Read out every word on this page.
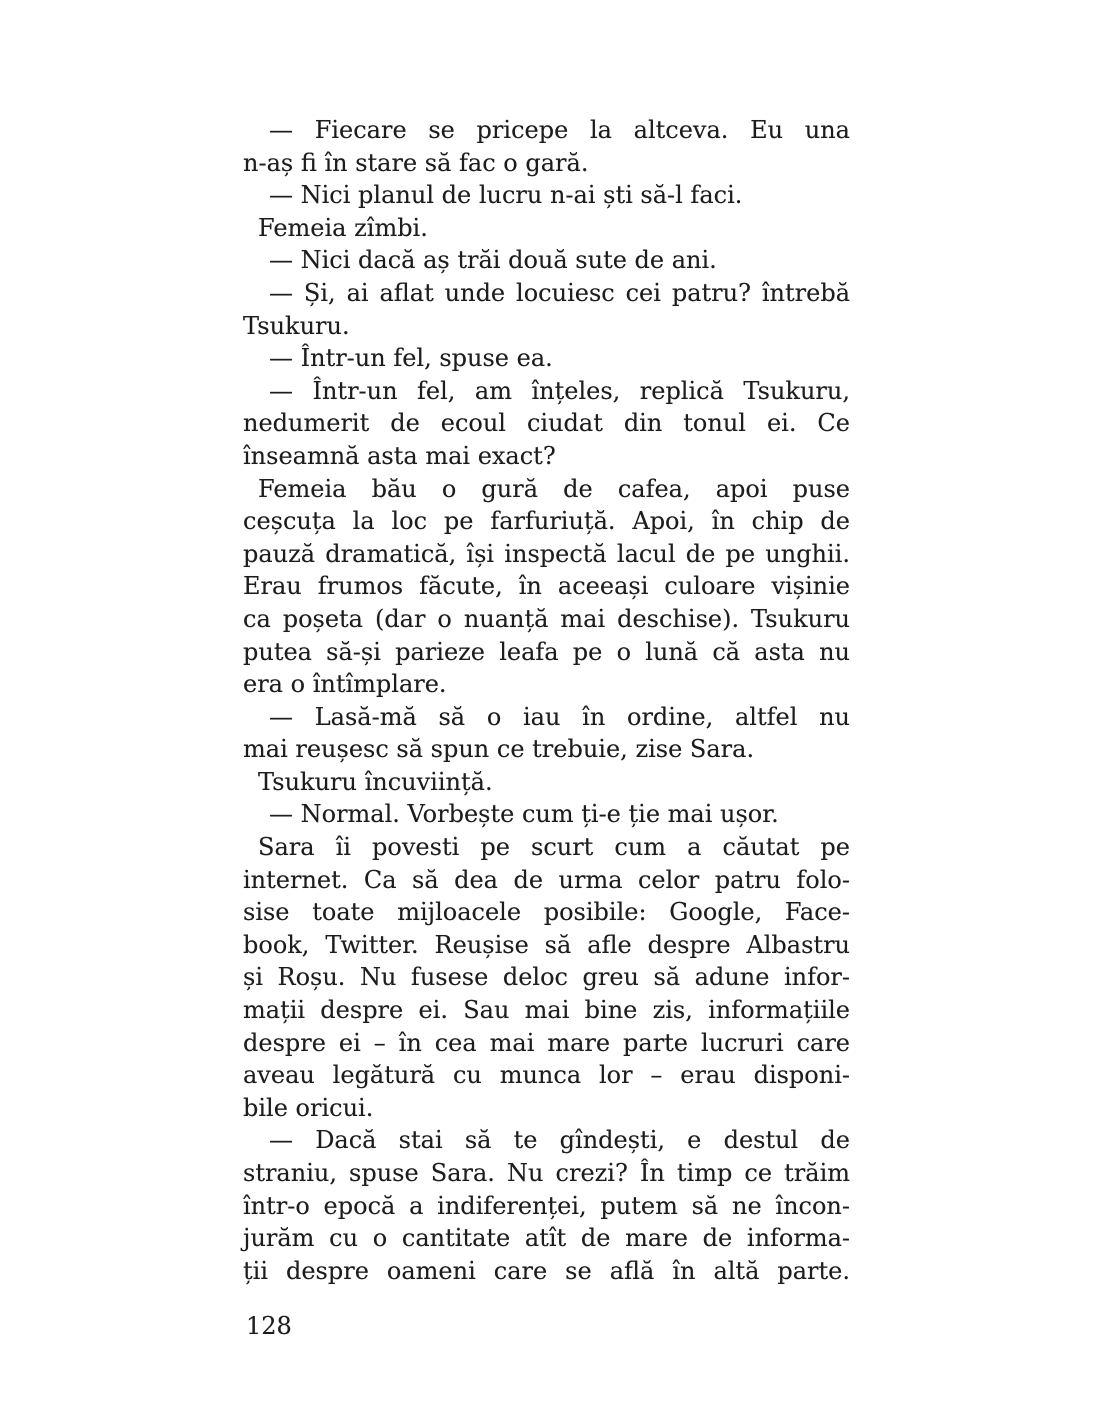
— Fiecare se pricepe la altceva. Eu una
n-aș fi în stare să fac o gară.
— Nici planul de lucru n-ai ști să-l faci.
Femeia zîmbi.
— Nici dacă aș trăi două sute de ani.
— Și, ai aflat unde locuiesc cei patru? întrebă
Tsukuru.
— Într-un fel, spuse ea.
— Într-un fel, am înțeles, replică Tsukuru,
nedumerit de ecoul ciudat din tonul ei. Ce
înseamnă asta mai exact?
Femeia bău o gură de cafea, apoi puse
ceșcuța la loc pe farfuriuță. Apoi, în chip de
pauză dramatică, își inspectă lacul de pe unghii.
Erau frumos făcute, în aceeași culoare vișinie
ca poșeta (dar o nuanță mai deschise). Tsukuru
putea să-și parieze leafa pe o lună că asta nu
era o întîmplare.
— Lasă-mă să o iau în ordine, altfel nu
mai reușesc să spun ce trebuie, zise Sara.
Tsukuru încuviință.
— Normal. Vorbește cum ți-e ție mai ușor.
Sara îi povesti pe scurt cum a căutat pe
internet. Ca să dea de urma celor patru folo-
sise toate mijloacele posibile: Google, Face-
book, Twitter. Reușise să afle despre Albastru
și Roșu. Nu fusese deloc greu să adune infor-
mații despre ei. Sau mai bine zis, informațiile
despre ei – în cea mai mare parte lucruri care
aveau legătură cu munca lor – erau disponi-
bile oricui.
— Dacă stai să te gîndești, e destul de
straniu, spuse Sara. Nu crezi? În timp ce trăim
într-o epocă a indiferenței, putem să ne încon-
jurăm cu o cantitate atît de mare de informa-
ții despre oameni care se află în altă parte.
128
